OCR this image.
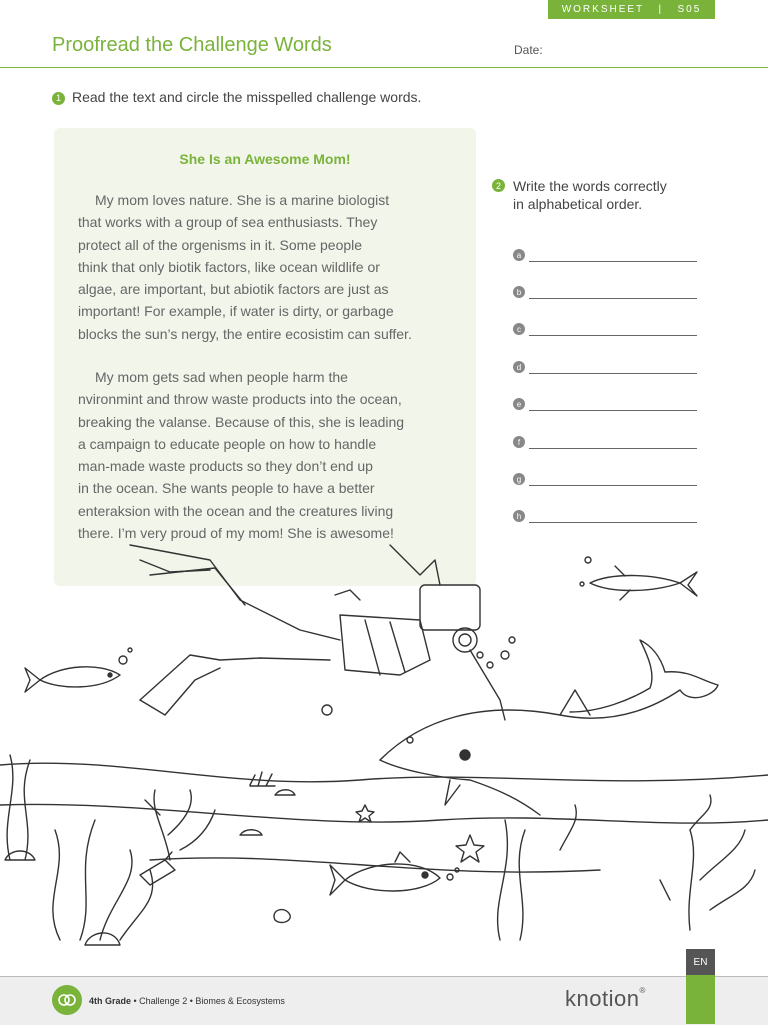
WORKSHEET
|
S05
Proofread the Challenge Words	Date:
1 Read the text and circle the misspelled challenge words.
She Is an Awesome Mom!
My mom loves nature. She is a marine biologist
that works with a group of sea enthusiasts. They
protect all of the orgenisms in it. Some people
think that only biotik factors, like ocean wildlife or
algae, are important, but abiotik factors are just as
important! For example, if water is dirty, or garbage
blocks the sun’s nergy, the entire ecosistim can suffer.
My mom gets sad when people harm the
nvironmint and throw waste products into the ocean,
breaking the valanse. Because of this, she is leading
a campaign to educate people on how to handle
man-made waste products so they don’t end up
in the ocean. She wants people to have a better
enteraksion with the ocean and the creatures living
there. I’m very proud of my mom! She is awesome!
2 Write the words correctly
in alphabetical order.
a
b
c
d
e
f
g
h
4th Grade • Challenge 2 • Biomes & Ecosystems	knotion®
EN
